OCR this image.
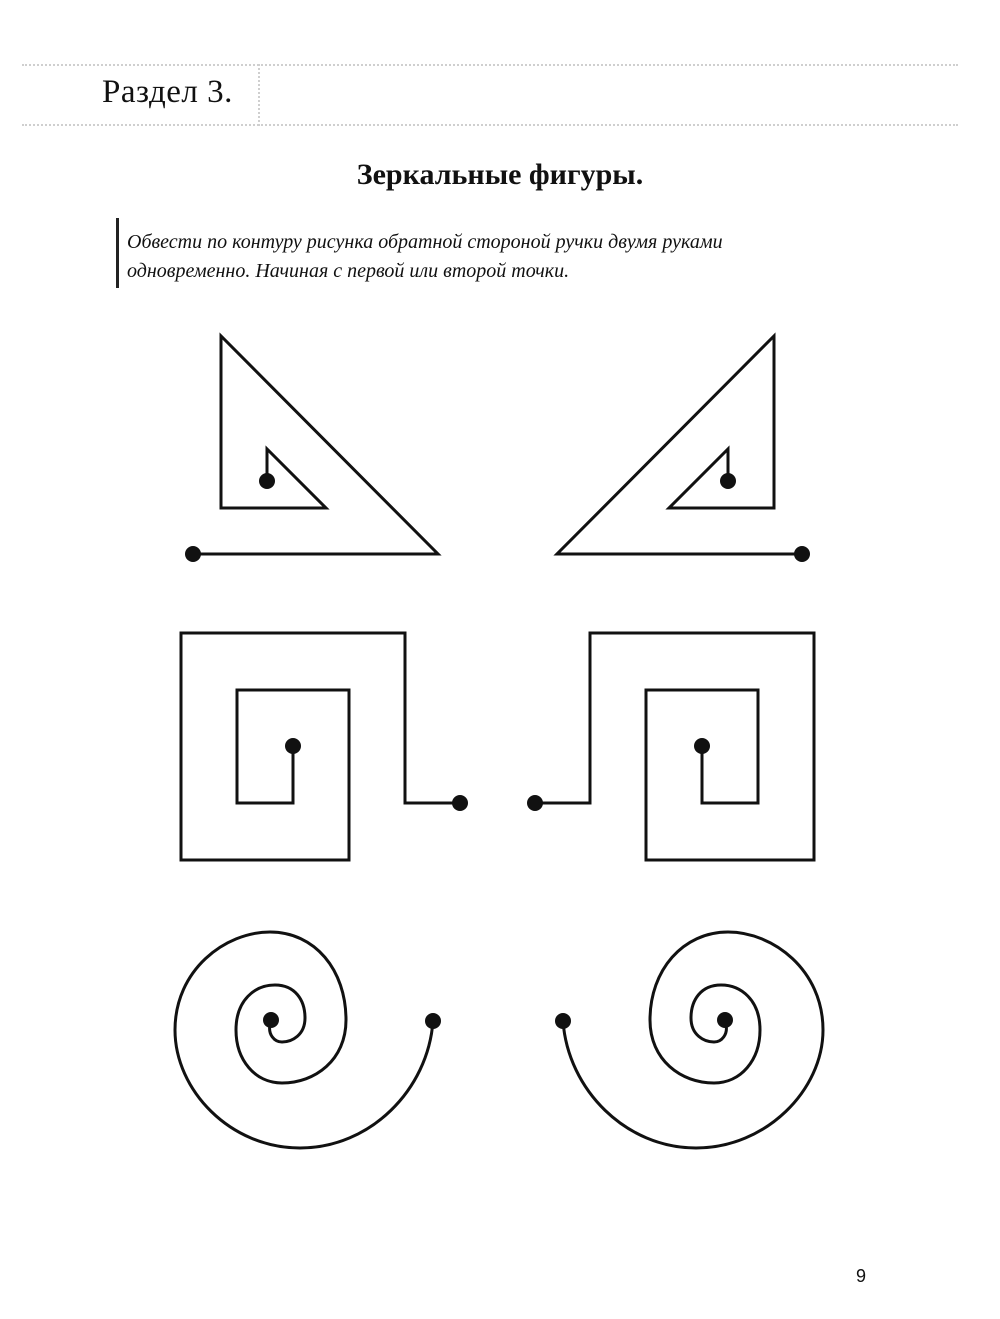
Раздел 3.
Зеркальные фигуры.
Обвести по контуру рисунка обратной стороной ручки двумя руками
одновременно. Начиная с первой или второй точки.
9
